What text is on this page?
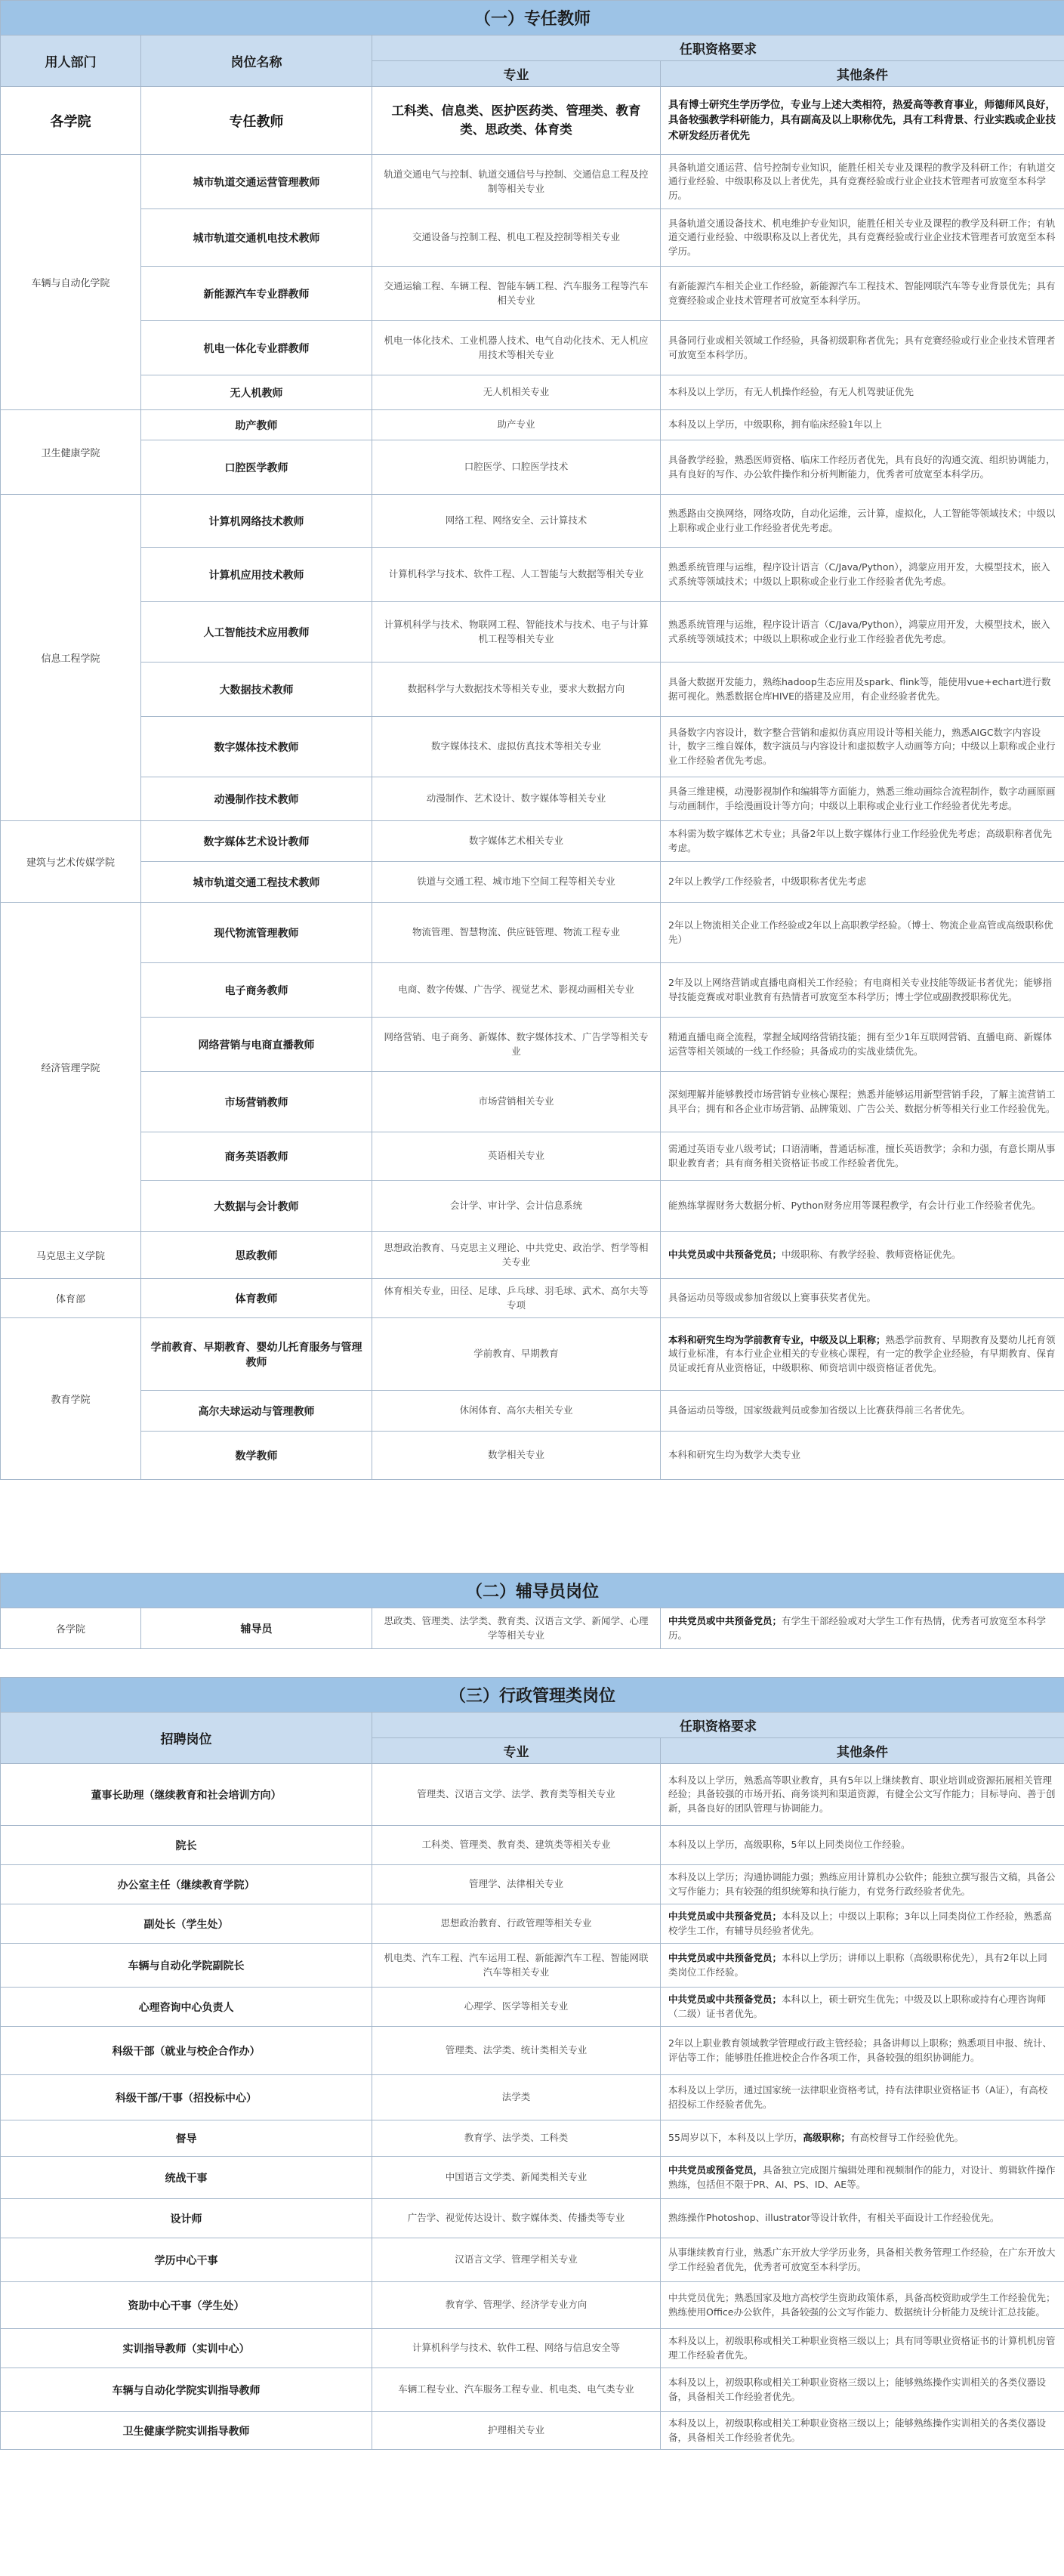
（一）专任教师			
用人部门	岗位名称	任职资格要求	
		专业	其他条件
各学院	专任教师	工科类、信息类、医护医药类、管理类、教育类、思政类、体育类	具有博士研究生学历学位，专业与上述大类相符，热爱高等教育事业，师德师风良好，具备较强教学科研能力，具有副高及以上职称优先，具有工科背景、行业实践或企业技术研发经历者优先
车辆与自动化学院	城市轨道交通运营管理教师	轨道交通电气与控制、轨道交通信号与控制、交通信息工程及控制等相关专业	具备轨道交通运营、信号控制专业知识，能胜任相关专业及课程的教学及科研工作；有轨道交通行业经验、中级职称及以上者优先，具有竞赛经验或行业企业技术管理者可放宽至本科学历。
	城市轨道交通机电技术教师	交通设备与控制工程、机电工程及控制等相关专业	具备轨道交通设备技术、机电维护专业知识，能胜任相关专业及课程的教学及科研工作；有轨道交通行业经验、中级职称及以上者优先，具有竞赛经验或行业企业技术管理者可放宽至本科学历。
	新能源汽车专业群教师	交通运输工程、车辆工程、智能车辆工程、汽车服务工程等汽车相关专业	有新能源汽车相关企业工作经验，新能源汽车工程技术、智能网联汽车等专业背景优先；具有竞赛经验或企业技术管理者可放宽至本科学历。
	机电一体化专业群教师	机电一体化技术、工业机器人技术、电气自动化技术、无人机应用技术等相关专业	具备同行业或相关领域工作经验，具备初级职称者优先；具有竞赛经验或行业企业技术管理者可放宽至本科学历。
	无人机教师	无人机相关专业	本科及以上学历，有无人机操作经验，有无人机驾驶证优先
卫生健康学院	助产教师	助产专业	本科及以上学历，中级职称，拥有临床经验1年以上
	口腔医学教师	口腔医学、口腔医学技术	具备教学经验，熟悉医师资格、临床工作经历者优先，具有良好的沟通交流、组织协调能力，具有良好的写作、办公软件操作和分析判断能力，优秀者可放宽至本科学历。
信息工程学院	计算机网络技术教师	网络工程、网络安全、云计算技术	熟悉路由交换网络，网络攻防，自动化运维，云计算，虚拟化，人工智能等领域技术；中级以上职称或企业行业工作经验者优先考虑。
	计算机应用技术教师	计算机科学与技术、软件工程、人工智能与大数据等相关专业	熟悉系统管理与运维，程序设计语言（C/Java/Python），鸿蒙应用开发，大模型技术，嵌入式系统等领域技术；中级以上职称或企业行业工作经验者优先考虑。
	人工智能技术应用教师	计算机科学与技术、物联网工程、智能技术与技术、电子与计算机工程等相关专业	熟悉系统管理与运维，程序设计语言（C/Java/Python），鸿蒙应用开发，大模型技术，嵌入式系统等领域技术；中级以上职称或企业行业工作经验者优先考虑。
	大数据技术教师	数据科学与大数据技术等相关专业，要求大数据方向	具备大数据开发能力，熟练hadoop生态应用及spark、flink等，能使用vue+echart进行数据可视化。熟悉数据仓库HIVE的搭建及应用，有企业经验者优先。
	数字媒体技术教师	数字媒体技术、虚拟仿真技术等相关专业	具备数字内容设计，数字整合营销和虚拟仿真应用设计等相关能力，熟悉AIGC数字内容设计，数字三维自媒体，数字演员与内容设计和虚拟数字人动画等方向；中级以上职称或企业行业工作经验者优先考虑。
	动漫制作技术教师	动漫制作、艺术设计、数字媒体等相关专业	具备三维建模，动漫影视制作和编辑等方面能力，熟悉三维动画综合流程制作，数字动画原画与动画制作，手绘漫画设计等方向；中级以上职称或企业行业工作经验者优先考虑。
建筑与艺术传媒学院	数字媒体艺术设计教师	数字媒体艺术相关专业	本科需为数字媒体艺术专业；具备2年以上数字媒体行业工作经验优先考虑；高级职称者优先考虑。
	城市轨道交通工程技术教师	铁道与交通工程、城市地下空间工程等相关专业	2年以上教学/工作经验者，中级职称者优先考虑
经济管理学院	现代物流管理教师	物流管理、智慧物流、供应链管理、物流工程专业	2年以上物流相关企业工作经验或2年以上高职教学经验。（博士、物流企业高管或高级职称优先）
	电子商务教师	电商、数字传媒、广告学、视觉艺术、影视动画相关专业	2年及以上网络营销或直播电商相关工作经验；有电商相关专业技能等级证书者优先；能够指导技能竞赛或对职业教育有热情者可放宽至本科学历；博士学位或副教授职称优先。
	网络营销与电商直播教师	网络营销、电子商务、新媒体、数字媒体技术、广告学等相关专业	精通直播电商全流程，掌握全域网络营销技能；拥有至少1年互联网营销、直播电商、新媒体运营等相关领域的一线工作经验；具备成功的实战业绩优先。
	市场营销教师	市场营销相关专业	深刻理解并能够教授市场营销专业核心课程；熟悉并能够运用新型营销手段，了解主流营销工具平台；拥有和各企业市场营销、品牌策划、广告公关、数据分析等相关行业工作经验优先。
	商务英语教师	英语相关专业	需通过英语专业八级考试；口语清晰，普通话标准，擅长英语教学；余和力强，有意长期从事职业教育者；具有商务相关资格证书或工作经验者优先。
	大数据与会计教师	会计学、审计学、会计信息系统	能熟练掌握财务大数据分析、Python财务应用等课程教学，有会计行业工作经验者优先。
马克思主义学院	思政教师	思想政治教育、马克思主义理论、中共党史、政治学、哲学等相关专业	中共党员或中共预备党员；中级职称、有教学经验、教师资格证优先。
体育部	体育教师	体育相关专业，田径、足球、乒乓球、羽毛球、武术、高尔夫等专项	具备运动员等级或参加省级以上赛事获奖者优先。
教育学院	学前教育、早期教育、婴幼儿托育服务与管理教师	学前教育、早期教育	本科和研究生均为学前教育专业，中级及以上职称；熟悉学前教育、早期教育及婴幼儿托育领域行业标准，有本行业企业相关的专业核心课程，有一定的教学企业经验，有早期教育、保育员证或托育从业资格证，中级职称、师资培训中级资格证者优先。
	高尔夫球运动与管理教师	休闲体育、高尔夫相关专业	具备运动员等级，国家级裁判员或参加省级以上比赛获得前三名者优先。
	数学教师	数学相关专业	本科和研究生均为数学大类专业
（二）辅导员岗位
各学院	辅导员	思政类、管理类、法学类、教育类、汉语言文学、新闻学、心理学等相关专业	中共党员或中共预备党员；有学生干部经验或对大学生工作有热情，优秀者可放宽至本科学历。
（三）行政管理类岗位		
招聘岗位	任职资格要求	
	专业	其他条件
董事长助理（继续教育和社会培训方向）	管理类、汉语言文学、法学、教育类等相关专业	本科及以上学历，熟悉高等职业教育，具有5年以上继续教育、职业培训或资源拓展相关管理经验；具备较强的市场开拓、商务谈判和渠道资源，有健全公文写作能力；目标导向、善于创新，具备良好的团队管理与协调能力。
院长	工科类、管理类、教育类、建筑类等相关专业	本科及以上学历，高级职称，5年以上同类岗位工作经验。
办公室主任（继续教育学院）	管理学、法律相关专业	本科及以上学历；沟通协调能力强；熟练应用计算机办公软件；能独立撰写报告文稿，具备公文写作能力；具有较强的组织统筹和执行能力，有党务行政经验者优先。
副处长（学生处）	思想政治教育、行政管理等相关专业	中共党员或中共预备党员；本科及以上；中级以上职称；3年以上同类岗位工作经验，熟悉高校学生工作，有辅导员经验者优先。
车辆与自动化学院副院长	机电类、汽车工程、汽车运用工程、新能源汽车工程、智能网联汽车等相关专业	中共党员或中共预备党员；本科以上学历；讲师以上职称（高级职称优先），具有2年以上同类岗位工作经验。
心理咨询中心负责人	心理学、医学等相关专业	中共党员或中共预备党员；本科以上，硕士研究生优先；中级及以上职称或持有心理咨询师（二级）证书者优先。
科级干部（就业与校企合作办）	管理类、法学类、统计类相关专业	2年以上职业教育领域教学管理或行政主管经验；具备讲师以上职称；熟悉项目申报、统计、评估等工作；能够胜任推进校企合作各项工作，具备较强的组织协调能力。
科级干部/干事（招投标中心）	法学类	本科及以上学历，通过国家统一法律职业资格考试，持有法律职业资格证书（A证），有高校招投标工作经验者优先。
督导	教育学、法学类、工科类	55周岁以下，本科及以上学历，高级职称；有高校督导工作经验优先。
统战干事	中国语言文学类、新闻类相关专业	中共党员或预备党员，具备独立完成图片编辑处理和视频制作的能力，对设计、剪辑软件操作熟练，包括但不限于PR、AI、PS、ID、AE等。
设计师	广告学、视觉传达设计、数字媒体类、传播类等专业	熟练操作Photoshop、illustrator等设计软件，有相关平面设计工作经验优先。
学历中心干事	汉语言文学、管理学相关专业	从事继续教育行业，熟悉广东开放大学学历业务，具备相关教务管理工作经验，在广东开放大学工作经验者优先，优秀者可放宽至本科学历。
资助中心干事（学生处）	教育学、管理学、经济学专业方向	中共党员优先；熟悉国家及地方高校学生资助政策体系，具备高校资助或学生工作经验优先；熟练使用Office办公软件，具备较强的公文写作能力、数据统计分析能力及统计汇总技能。
实训指导教师（实训中心）	计算机科学与技术、软件工程、网络与信息安全等	本科及以上，初级职称或相关工种职业资格三级以上；具有同等职业资格证书的计算机机房管理工作经验者优先。
车辆与自动化学院实训指导教师	车辆工程专业、汽车服务工程专业、机电类、电气类专业	本科及以上，初级职称或相关工种职业资格三级以上；能够熟练操作实训相关的各类仪器设备，具备相关工作经验者优先。
卫生健康学院实训指导教师	护理相关专业	本科及以上，初级职称或相关工种职业资格三级以上；能够熟练操作实训相关的各类仪器设备，具备相关工作经验者优先。
